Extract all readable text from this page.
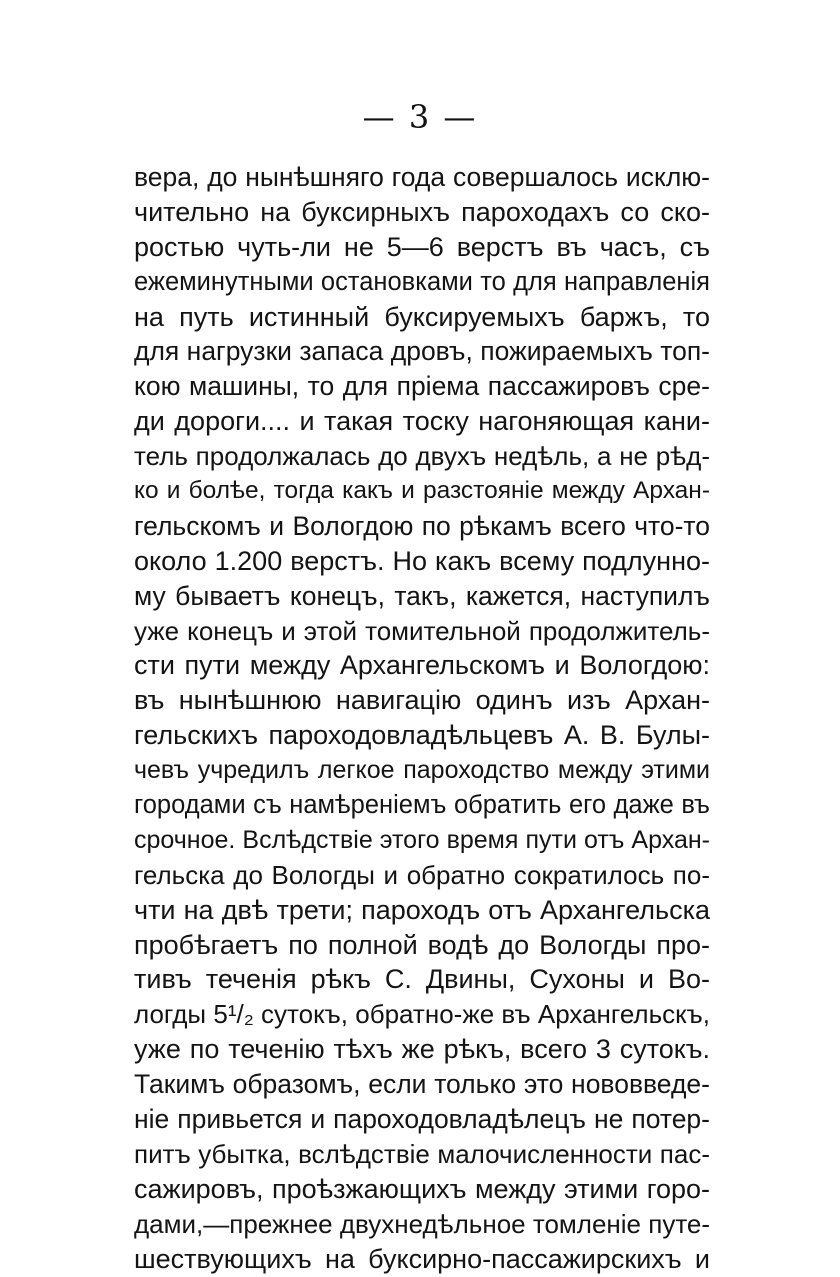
— 3 —
вера, до нынѣшняго года совершалось исклю-
чительно на буксирныхъ пароходахъ со ско-
ростью чуть-ли не 5—6 верстъ въ часъ, съ
ежеминутными остановками то для направленія
на путь истинный буксируемыхъ баржъ, то
для нагрузки запаса дровъ, пожираемыхъ топ-
кою машины, то для пріема пассажировъ сре-
ди дороги.... и такая тоску нагоняющая кани-
тель продолжалась до двухъ недѣль, а не рѣд-
ко и болѣе, тогда какъ и разстояніе между Архан-
гельскомъ и Вологдою по рѣкамъ всего что-то
около 1.200 верстъ. Но какъ всему подлунно-
му бываетъ конецъ, такъ, кажется, наступилъ
уже конецъ и этой томительной продолжитель-
сти пути между Архангельскомъ и Вологдою:
въ нынѣшнюю навигацію одинъ изъ Архан-
гельскихъ пароходовладѣльцевъ А. В. Булы-
чевъ учредилъ легкое пароходство между этими
городами съ намѣреніемъ обратить его даже въ
срочное. Вслѣдствіе этого время пути отъ Архан-
гельска до Вологды и обратно сократилось по-
чти на двѣ трети; пароходъ отъ Архангельска
пробѣгаетъ по полной водѣ до Вологды про-
тивъ теченія рѣкъ С. Двины, Сухоны и Во-
логды 5¹/₂ сутокъ, обратно-же въ Архангельскъ,
уже по теченію тѣхъ же рѣкъ, всего 3 сутокъ.
Такимъ образомъ, если только это нововведе-
ніе привьется и пароходовладѣлецъ не потер-
питъ убытка, вслѣдствіе малочисленности пас-
сажировъ, проѣзжающихъ между этими горо-
дами,—прежнее двухнедѣльное томленіе путе-
шествующихъ на буксирно-пассажирскихъ и
